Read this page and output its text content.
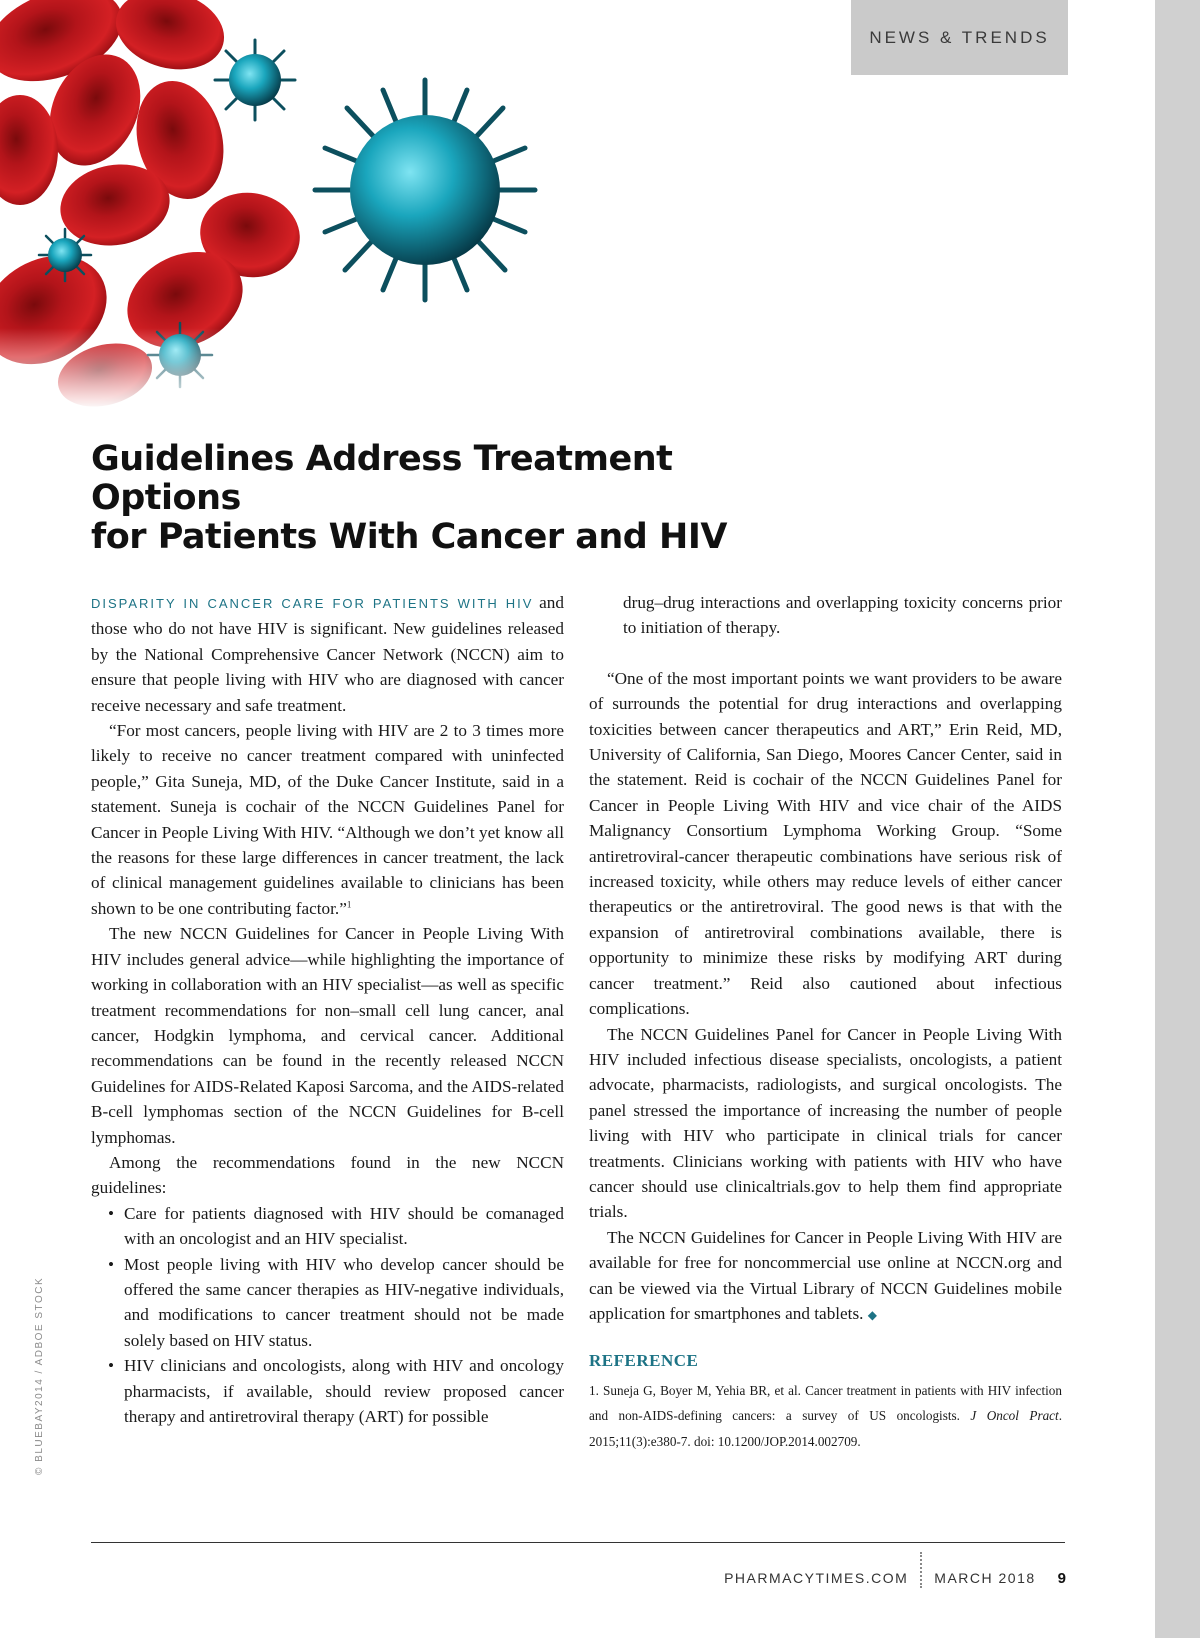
NEWS & TRENDS
Guidelines Address Treatment Options
for Patients With Cancer and HIV

DISPARITY IN CANCER CARE FOR PATIENTS WITH HIV and those who do not have HIV is significant. New guidelines released by the National Comprehensive Cancer Network (NCCN) aim to ensure that people living with HIV who are diagnosed with cancer receive necessary and safe treatment.

“For most cancers, people living with HIV are 2 to 3 times more likely to receive no cancer treatment compared with uninfected people,” Gita Suneja, MD, of the Duke Cancer Institute, said in a statement. Suneja is cochair of the NCCN Guidelines Panel for Cancer in People Living With HIV. “Although we don’t yet know all the reasons for these large differences in cancer treatment, the lack of clinical management guidelines available to clinicians has been shown to be one contributing factor.”$^1$

The new NCCN Guidelines for Cancer in People Living With HIV includes general advice—while highlighting the importance of working in collaboration with an HIV specialist—as well as specific treatment recommendations for non–small cell lung cancer, anal cancer, Hodgkin lymphoma, and cervical cancer. Additional recommendations can be found in the recently released NCCN Guidelines for AIDS-Related Kaposi Sarcoma, and the AIDS-related B-cell lymphomas section of the NCCN Guidelines for B-cell lymphomas.

Among the recommendations found in the new NCCN guidelines:

• Care for patients diagnosed with HIV should be comanaged with an oncologist and an HIV specialist.
• Most people living with HIV who develop cancer should be offered the same cancer therapies as HIV-negative individuals, and modifications to cancer treatment should not be made solely based on HIV status.
• HIV clinicians and oncologists, along with HIV and oncology pharmacists, if available, should review proposed cancer therapy and antiretroviral therapy (ART) for possible

drug–drug interactions and overlapping toxicity concerns prior to initiation of therapy.

“One of the most important points we want providers to be aware of surrounds the potential for drug interactions and overlapping toxicities between cancer therapeutics and ART,” Erin Reid, MD, University of California, San Diego, Moores Cancer Center, said in the statement. Reid is cochair of the NCCN Guidelines Panel for Cancer in People Living With HIV and vice chair of the AIDS Malignancy Consortium Lymphoma Working Group. “Some antiretroviral-cancer therapeutic combinations have serious risk of increased toxicity, while others may reduce levels of either cancer therapeutics or the antiretroviral. The good news is that with the expansion of antiretroviral combinations available, there is opportunity to minimize these risks by modifying ART during cancer treatment.” Reid also cautioned about infectious complications.

The NCCN Guidelines Panel for Cancer in People Living With HIV included infectious disease specialists, oncologists, a patient advocate, pharmacists, radiologists, and surgical oncologists. The panel stressed the importance of increasing the number of people living with HIV who participate in clinical trials for cancer treatments. Clinicians working with patients with HIV who have cancer should use clinicaltrials.gov to help them find appropriate trials.

The NCCN Guidelines for Cancer in People Living With HIV are available for free for noncommercial use online at NCCN.org and can be viewed via the Virtual Library of NCCN Guidelines mobile application for smartphones and tablets. ◆

REFERENCE

1. Suneja G, Boyer M, Yehia BR, et al. Cancer treatment in patients with HIV infection and non-AIDS-defining cancers: a survey of US oncologists. J Oncol Pract. 2015;11(3):e380-7. doi: 10.1200/JOP.2014.002709.

© BLUEBAY2014 / ADBOE STOCK
PHARMACYTIMES.COM MARCH 2018 9
